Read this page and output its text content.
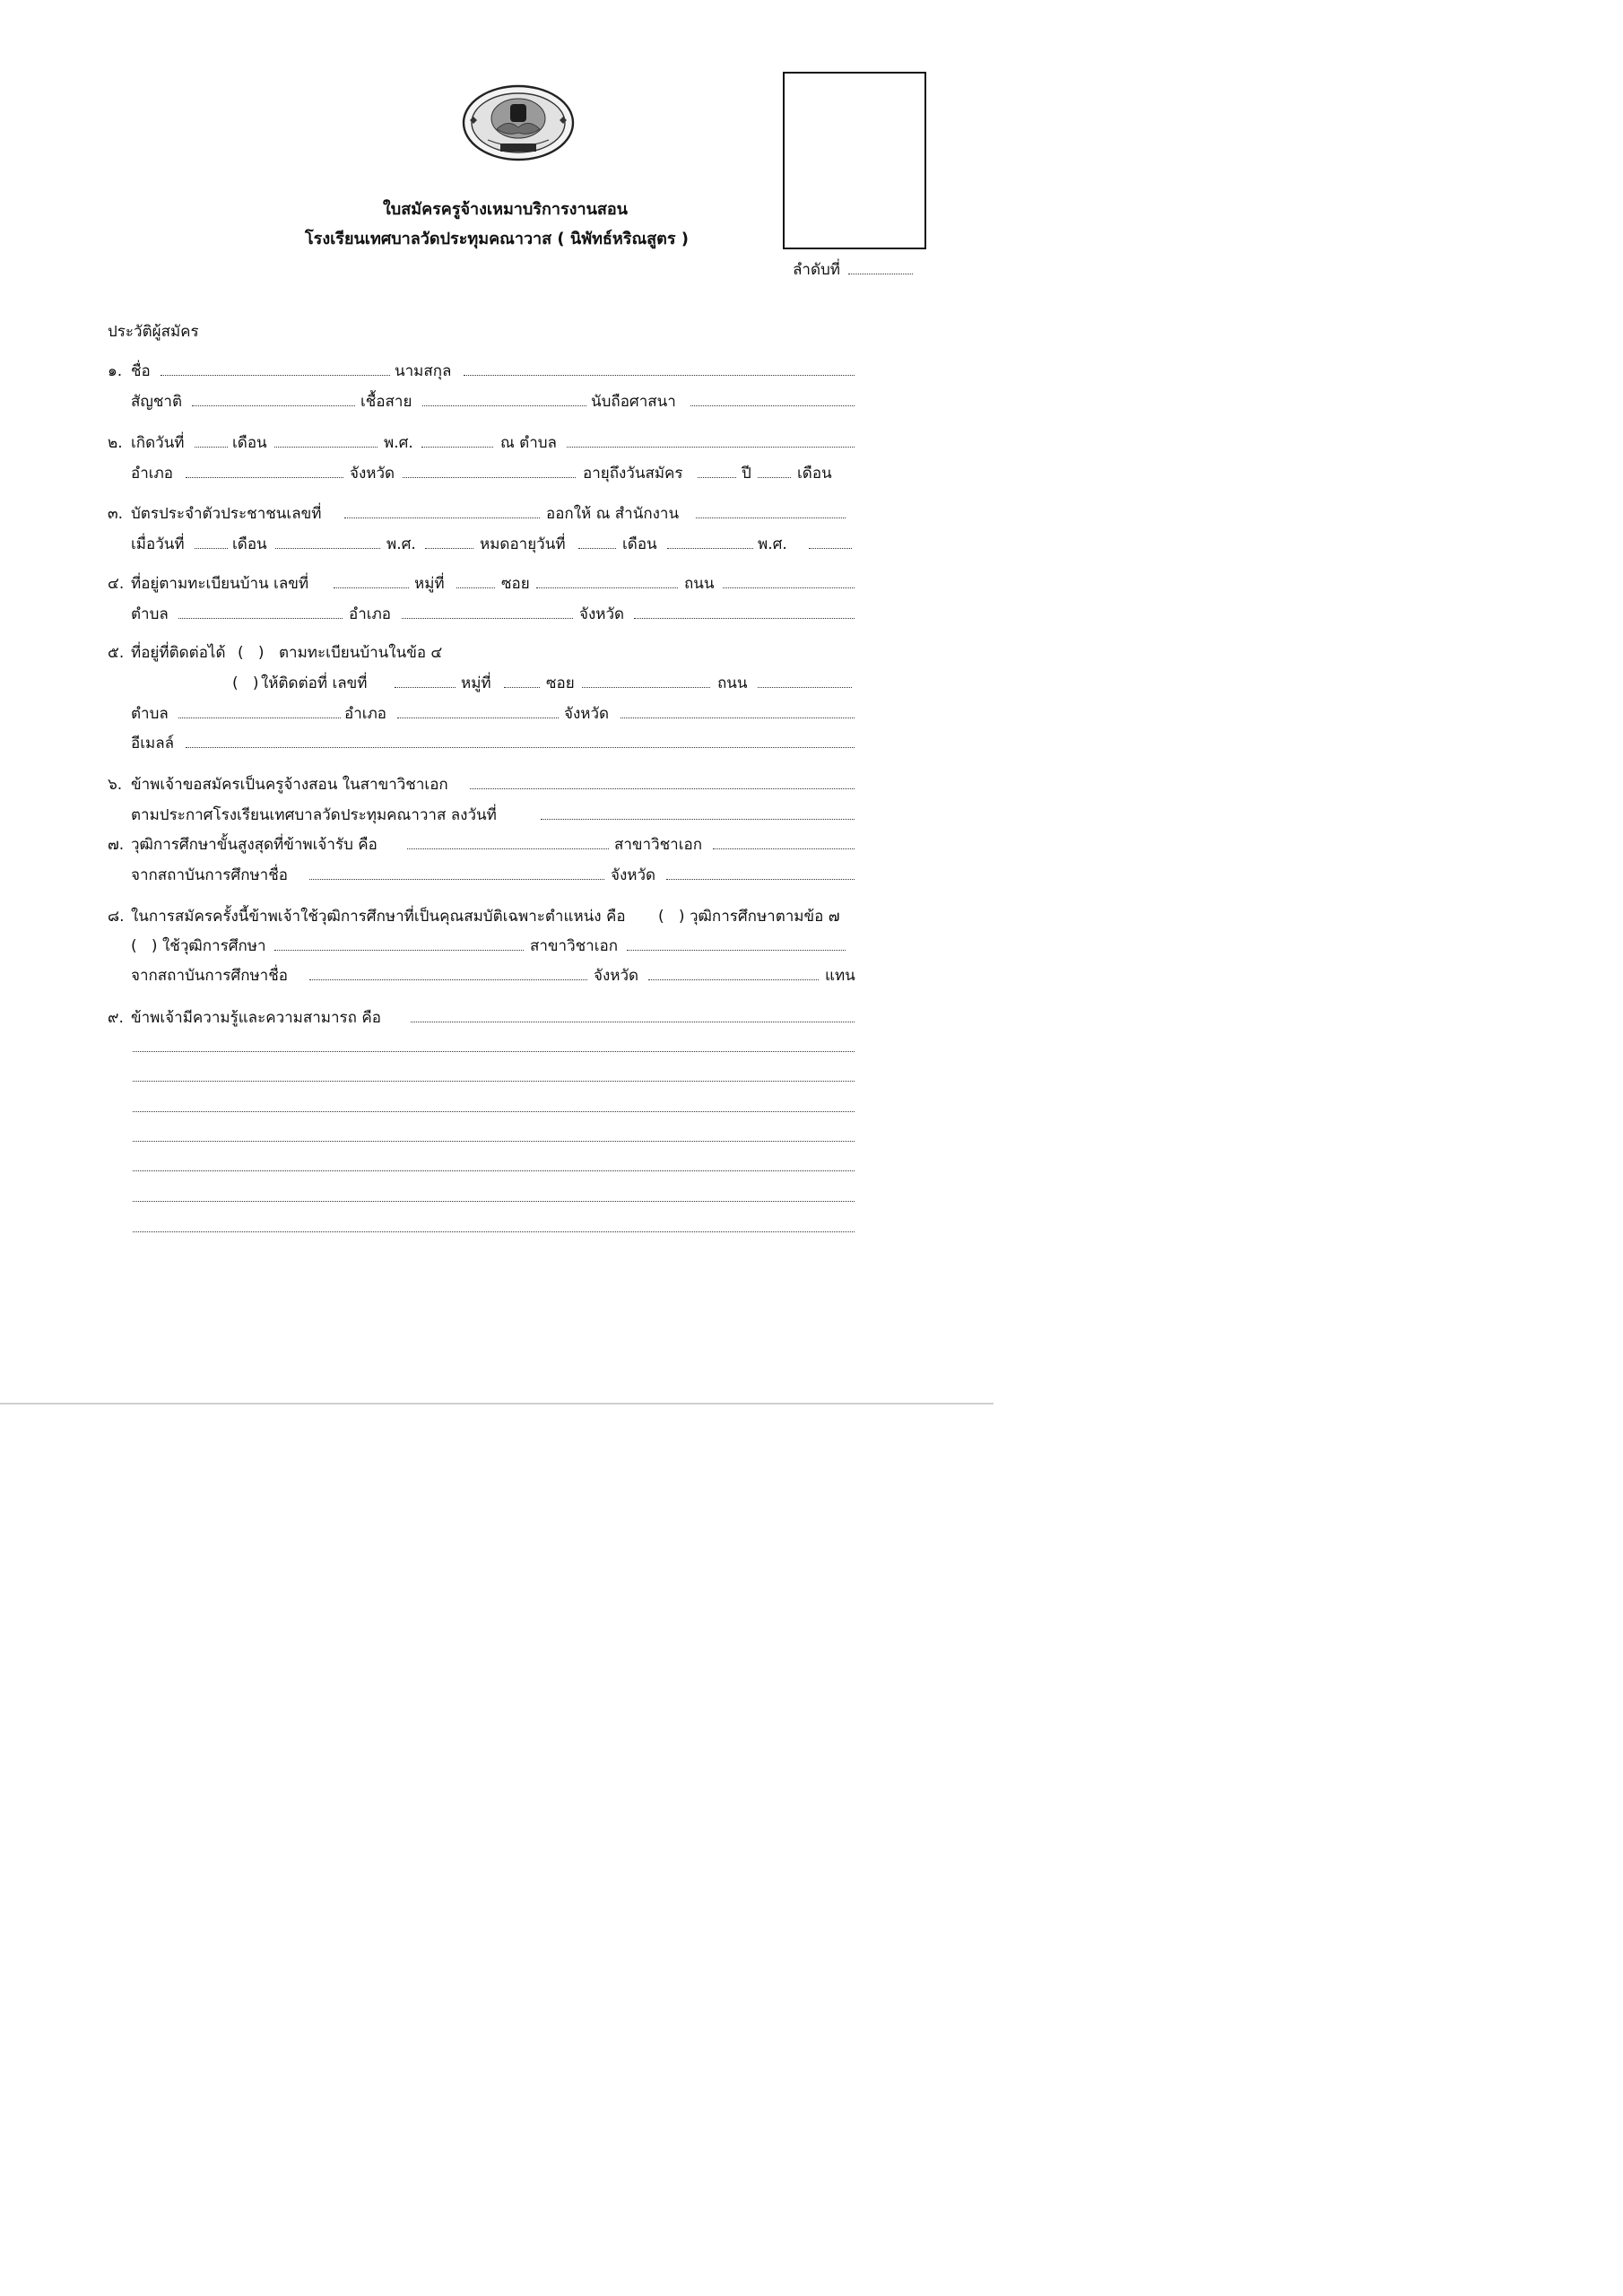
ใบสมัครครูจ้างเหมาบริการงานสอน
โรงเรียนเทศบาลวัดประทุมคณาวาส ( นิพัทธ์หริณสูตร )
ลำดับที่
ประวัติผู้สมัคร
๑. ชื่อ	นามสกุล
สัญชาติ	เชื้อสาย	นับถือศาสนา
๒. เกิดวันที่	เดือน	พ.ศ.	ณ ตำบล
อำเภอ	จังหวัด	อายุถึงวันสมัคร	ปี	เดือน
๓. บัตรประจำตัวประชาชนเลขที่	ออกให้ ณ สำนักงาน
เมื่อวันที่	เดือน	พ.ศ.	หมดอายุวันที่	เดือน	พ.ศ.
๔. ที่อยู่ตามทะเบียนบ้าน เลขที่	หมู่ที่	ซอย	ถนน
ตำบล	อำเภอ	จังหวัด
๕. ที่อยู่ที่ติดต่อได้ (   ) ตามทะเบียนบ้านในข้อ ๔
(   ) ให้ติดต่อที่ เลขที่	หมู่ที่	ซอย	ถนน
ตำบล	อำเภอ	จังหวัด
อีเมลล์
๖. ข้าพเจ้าขอสมัครเป็นครูจ้างสอน ในสาขาวิชาเอก
ตามประกาศโรงเรียนเทศบาลวัดประทุมคณาวาส ลงวันที่
๗. วุฒิการศึกษาขั้นสูงสุดที่ข้าพเจ้ารับ คือ	สาขาวิชาเอก
จากสถาบันการศึกษาชื่อ	จังหวัด
๘. ในการสมัครครั้งนี้ข้าพเจ้าใช้วุฒิการศึกษาที่เป็นคุณสมบัติเฉพาะตำแหน่ง คือ (   ) วุฒิการศึกษาตามข้อ ๗
(   ) ใช้วุฒิการศึกษา	สาขาวิชาเอก
จากสถาบันการศึกษาชื่อ	จังหวัด	แทน
๙. ข้าพเจ้ามีความรู้และความสามารถ คือ
